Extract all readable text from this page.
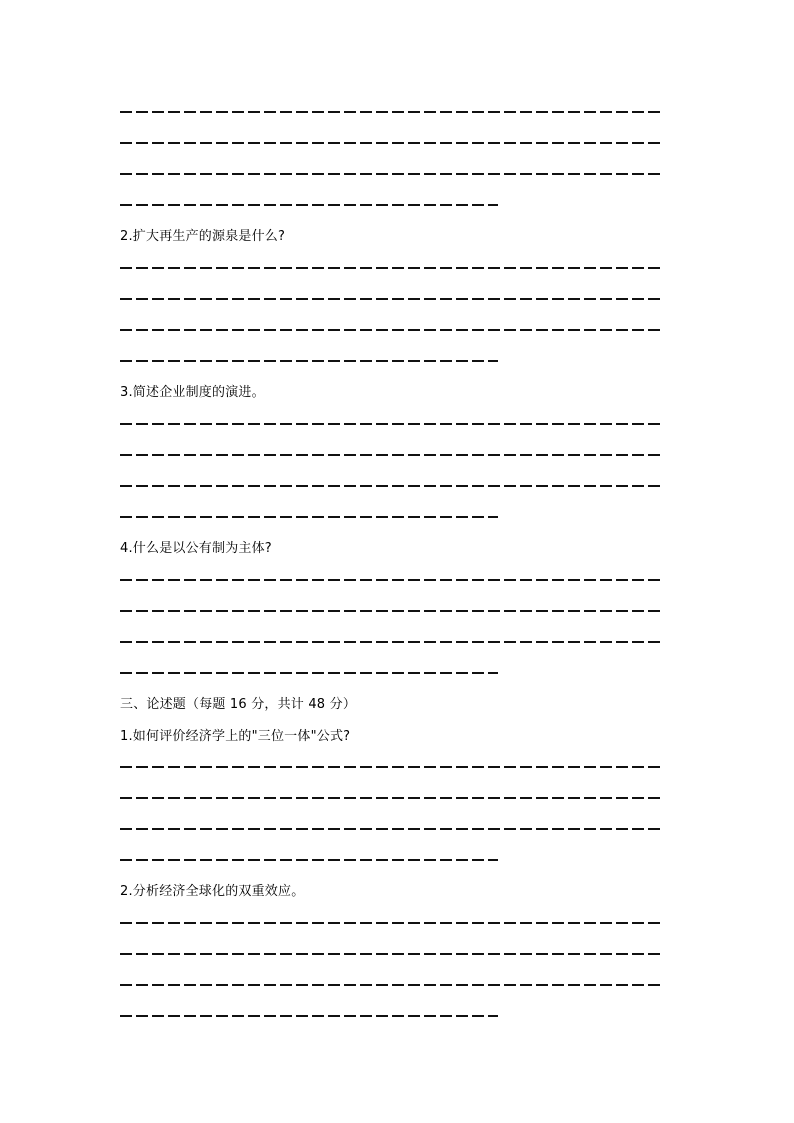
2.扩大再生产的源泉是什么?
3.简述企业制度的演进。
4.什么是以公有制为主体?
三、论述题（每题 16 分，共计 48 分）
1.如何评价经济学上的"三位一体"公式?
2.分析经济全球化的双重效应。
